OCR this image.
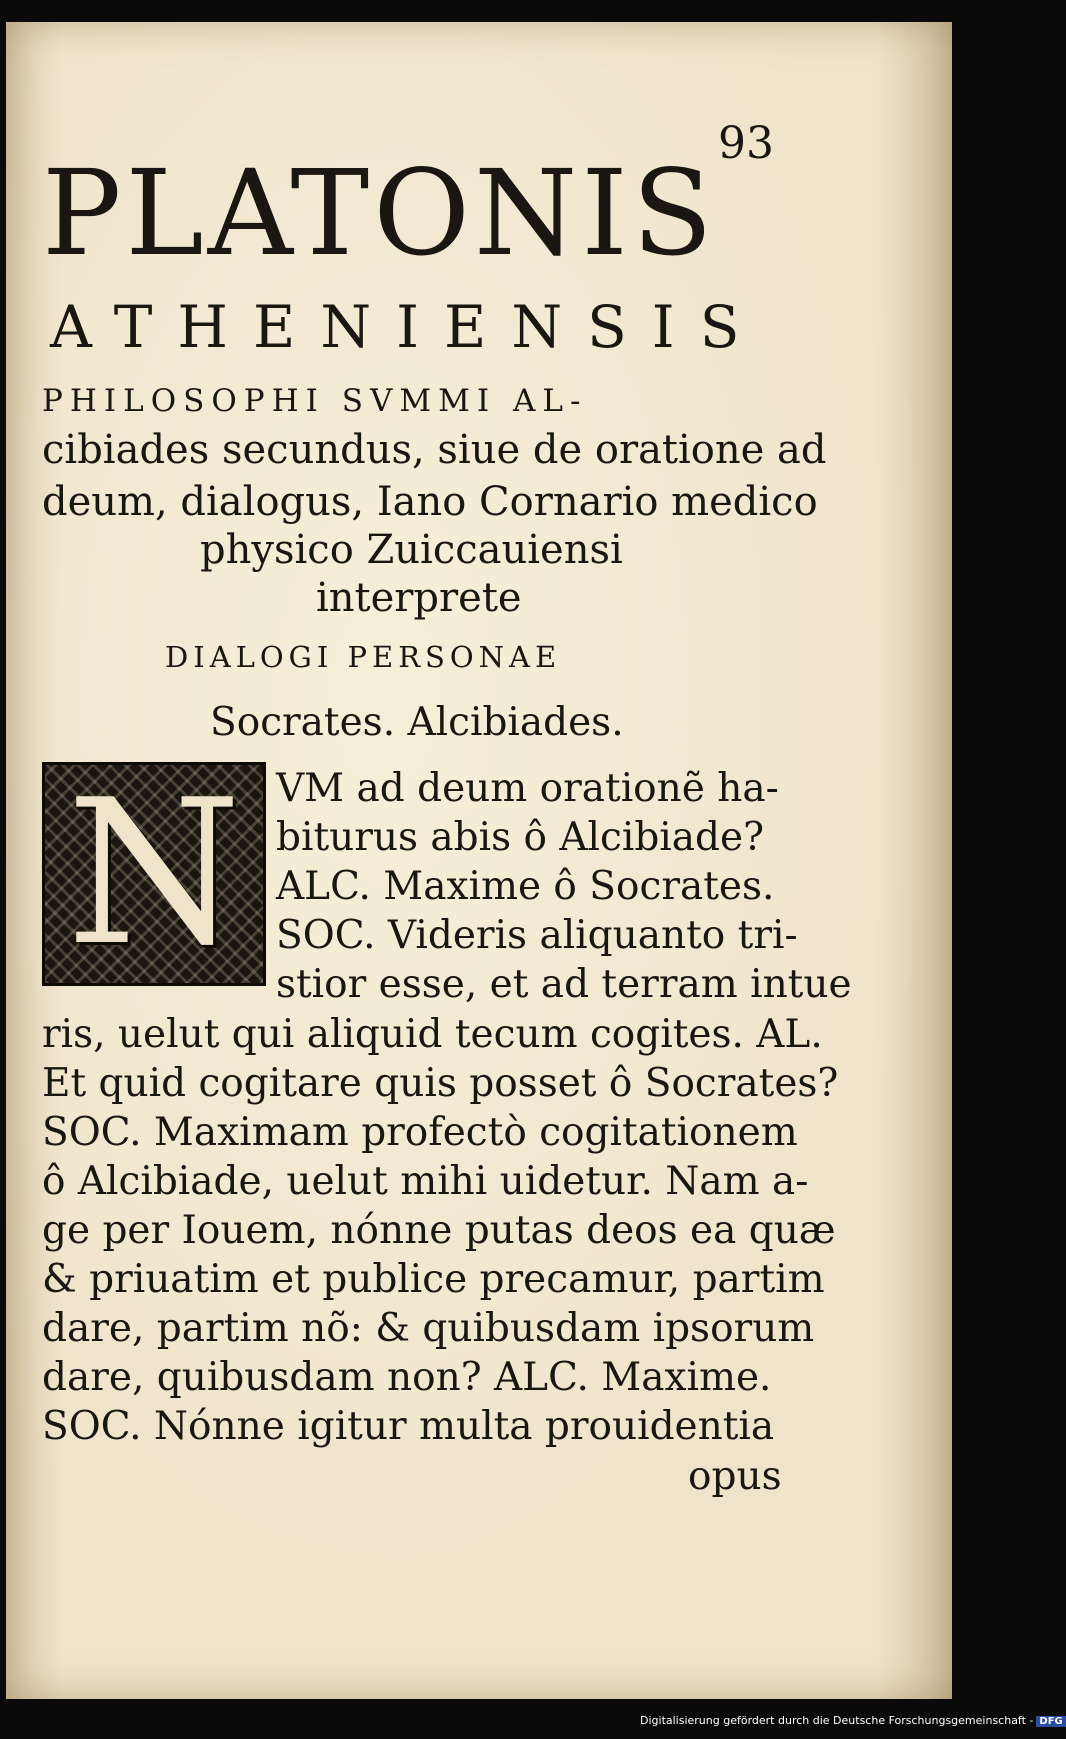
93
PLATONIS
ATHENIENSIS
PHILOSOPHI SVMMI AL-
cibiades secundus, siue de oratione ad
deum, dialogus, Iano Cornario medico
physico Zuiccauiensi
interprete
DIALOGI PERSONAE
Socrates. Alcibiades.
N VM ad deum orationẽ ha-
biturus abis ô Alcibiade?
ALC. Maxime ô Socrates.
SOC. Videris aliquanto tri-
stior esse, et ad terram intue
ris, uelut qui aliquid tecum cogites. AL.
Et quid cogitare quis posset ô Socrates?
SOC. Maximam profectò cogitationem
ô Alcibiade, uelut mihi uidetur. Nam a-
ge per Iouem, nónne putas deos ea quæ
& priuatim et publice precamur, partim
dare, partim nõ: & quibusdam ipsorum
dare, quibusdam non? ALC. Maxime.
SOC. Nónne igitur multa prouidentia
opus
Digitalisierung gefördert durch die Deutsche Forschungsgemeinschaft - DFG
